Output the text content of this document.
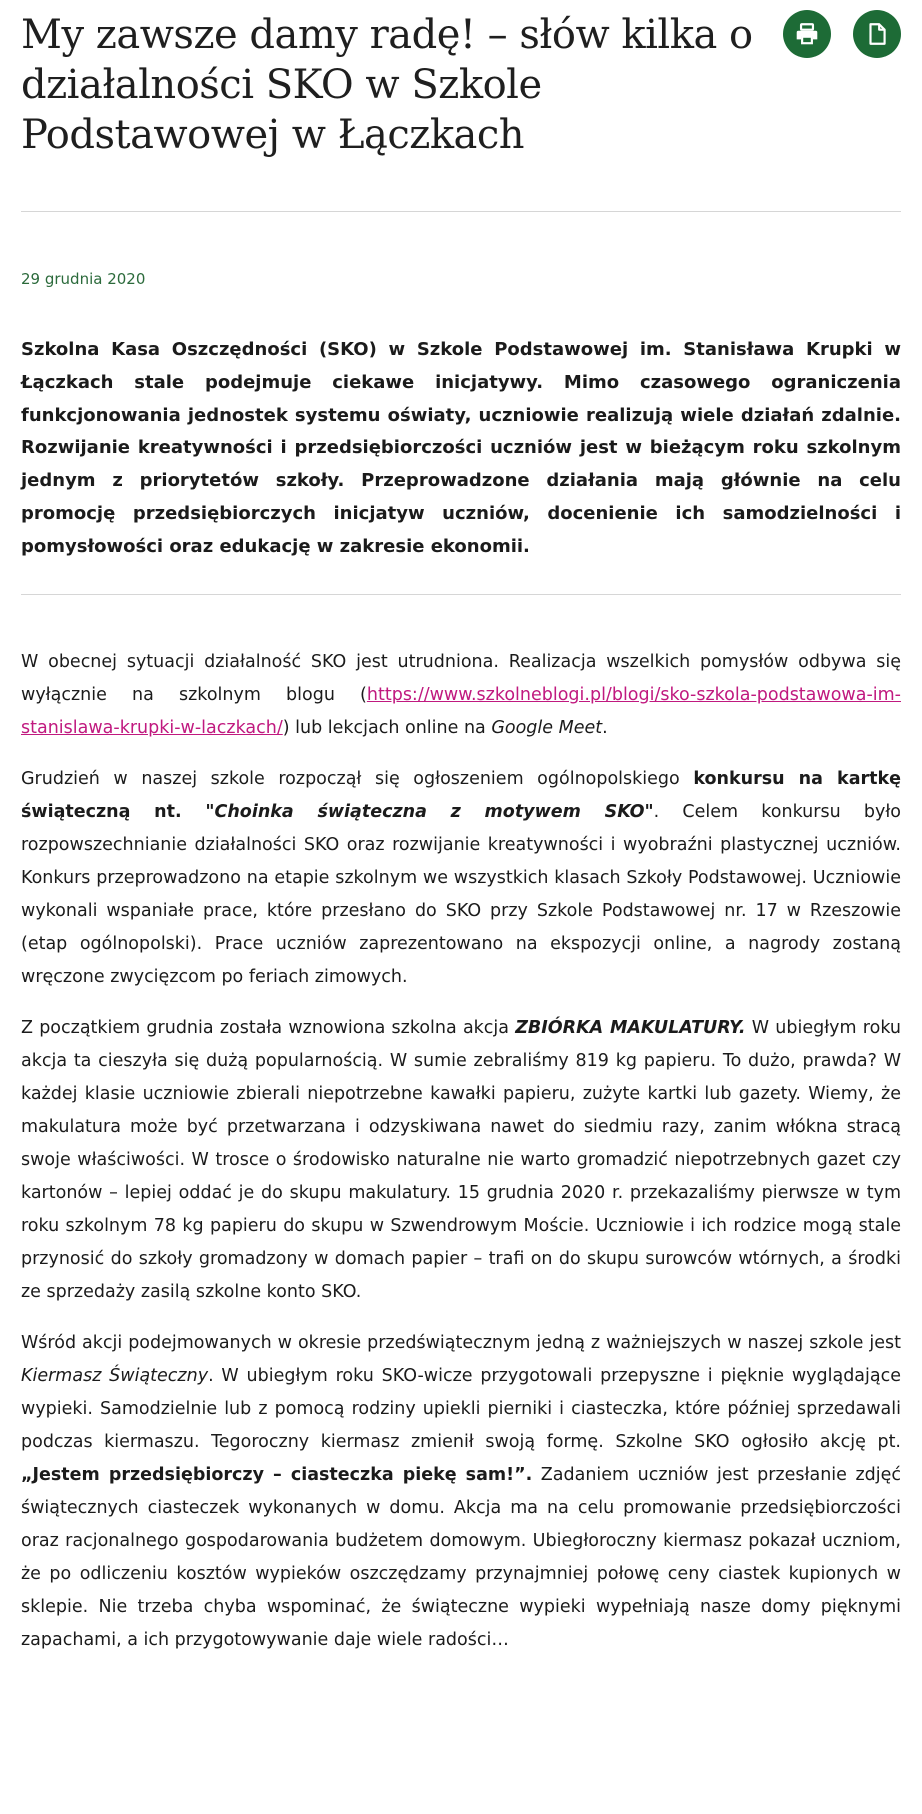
My zawsze damy radę! – słów kilka o działalności SKO w Szkole Podstawowej w Łączkach
29 grudnia 2020

Szkolna Kasa Oszczędności (SKO) w Szkole Podstawowej im. Stanisława Krupki w Łączkach stale podejmuje ciekawe inicjatywy. Mimo czasowego ograniczenia funkcjonowania jednostek systemu oświaty, uczniowie realizują wiele działań zdalnie. Rozwijanie kreatywności i przedsiębiorczości uczniów jest w bieżącym roku szkolnym jednym z priorytetów szkoły. Przeprowadzone działania mają głównie na celu promocję przedsiębiorczych inicjatyw uczniów, docenienie ich samodzielności i pomysłowości oraz edukację w zakresie ekonomii.

W obecnej sytuacji działalność SKO jest utrudniona. Realizacja wszelkich pomysłów odbywa się wyłącznie na szkolnym blogu (https://www.szkolneblogi.pl/blogi/sko-szkola-podstawowa-im-stanislawa-krupki-w-laczkach/) lub lekcjach online na Google Meet.

Grudzień w naszej szkole rozpoczął się ogłoszeniem ogólnopolskiego konkursu na kartkę świąteczną nt. "Choinka świąteczna z motywem SKO". Celem konkursu było rozpowszechnianie działalności SKO oraz rozwijanie kreatywności i wyobraźni plastycznej uczniów. Konkurs przeprowadzono na etapie szkolnym we wszystkich klasach Szkoły Podstawowej. Uczniowie wykonali wspaniałe prace, które przesłano do SKO przy Szkole Podstawowej nr. 17 w Rzeszowie (etap ogólnopolski). Prace uczniów zaprezentowano na ekspozycji online, a nagrody zostaną wręczone zwycięzcom po feriach zimowych.

Z początkiem grudnia została wznowiona szkolna akcja ZBIÓRKA MAKULATURY. W ubiegłym roku akcja ta cieszyła się dużą popularnością. W sumie zebraliśmy 819 kg papieru. To dużo, prawda? W każdej klasie uczniowie zbierali niepotrzebne kawałki papieru, zużyte kartki lub gazety. Wiemy, że makulatura może być przetwarzana i odzyskiwana nawet do siedmiu razy, zanim włókna stracą swoje właściwości. W trosce o środowisko naturalne nie warto gromadzić niepotrzebnych gazet czy kartonów – lepiej oddać je do skupu makulatury. 15 grudnia 2020 r. przekazaliśmy pierwsze w tym roku szkolnym 78 kg papieru do skupu w Szwendrowym Moście. Uczniowie i ich rodzice mogą stale przynosić do szkoły gromadzony w domach papier – trafi on do skupu surowców wtórnych, a środki ze sprzedaży zasilą szkolne konto SKO.

Wśród akcji podejmowanych w okresie przedświątecznym jedną z ważniejszych w naszej szkole jest Kiermasz Świąteczny. W ubiegłym roku SKO-wicze przygotowali przepyszne i pięknie wyglądające wypieki. Samodzielnie lub z pomocą rodziny upiekli pierniki i ciasteczka, które później sprzedawali podczas kiermaszu. Tegoroczny kiermasz zmienił swoją formę. Szkolne SKO ogłosiło akcję pt. „Jestem przedsiębiorczy – ciasteczka piekę sam!”. Zadaniem uczniów jest przesłanie zdjęć świątecznych ciasteczek wykonanych w domu. Akcja ma na celu promowanie przedsiębiorczości oraz racjonalnego gospodarowania budżetem domowym. Ubiegłoroczny kiermasz pokazał uczniom, że po odliczeniu kosztów wypieków oszczędzamy przynajmniej połowę ceny ciastek kupionych w sklepie. Nie trzeba chyba wspominać, że świąteczne wypieki wypełniają nasze domy pięknymi zapachami, a ich przygotowywanie daje wiele radości…
